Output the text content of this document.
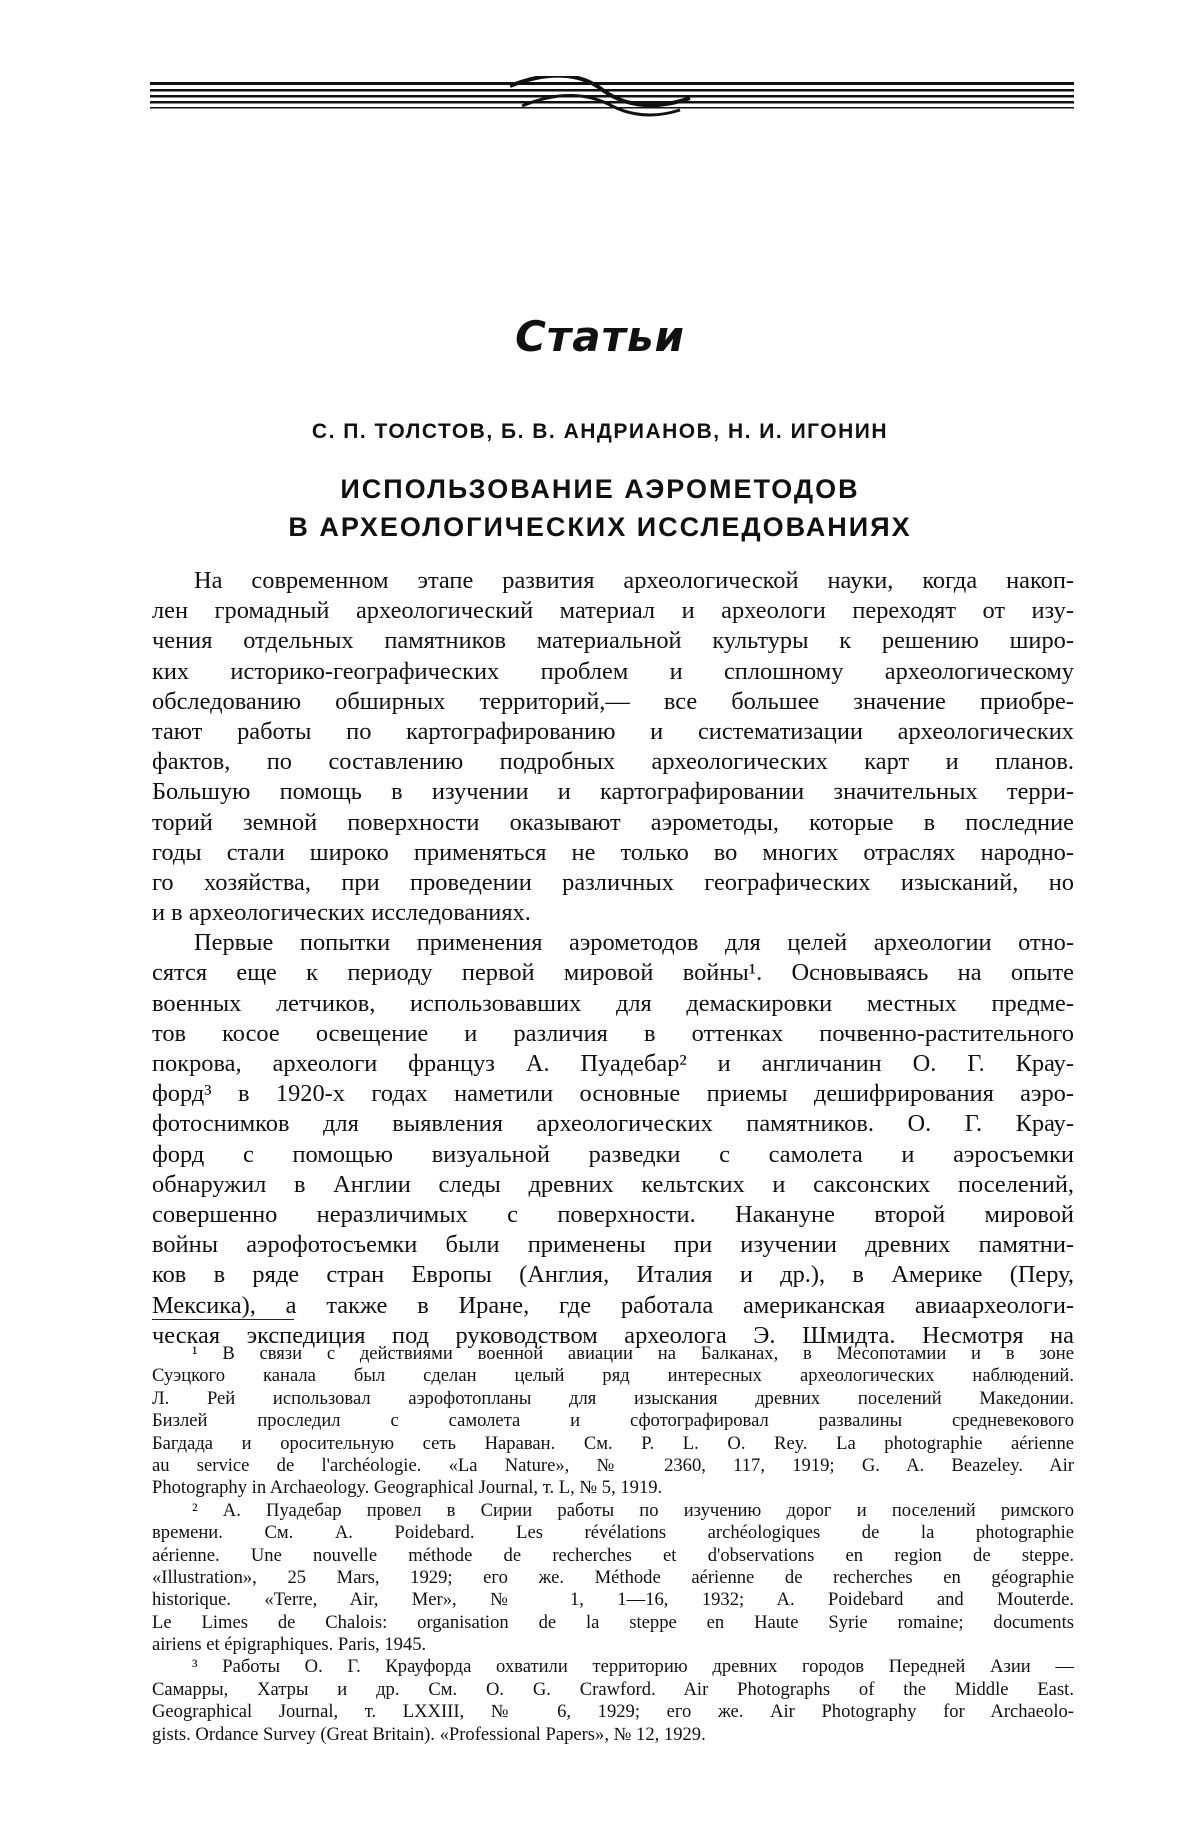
Статьи
С. П. ТОЛСТОВ, Б. В. АНДРИАНОВ, Н. И. ИГОНИН
ИСПОЛЬЗОВАНИЕ АЭРОМЕТОДОВ
В АРХЕОЛОГИЧЕСКИХ ИССЛЕДОВАНИЯХ
На современном этапе развития археологической науки, когда накоп-
лен громадный археологический материал и археологи переходят от изу-
чения отдельных памятников материальной культуры к решению широ-
ких историко-географических проблем и сплошному археологическому
обследованию обширных территорий,— все большее значение приобре-
тают работы по картографированию и систематизации археологических
фактов, по составлению подробных археологических карт и планов.
Большую помощь в изучении и картографировании значительных терри-
торий земной поверхности оказывают аэрометоды, которые в последние
годы стали широко применяться не только во многих отраслях народно-
го хозяйства, при проведении различных географических изысканий, но
и в археологических исследованиях.
Первые попытки применения аэрометодов для целей археологии отно-
сятся еще к периоду первой мировой войны¹. Основываясь на опыте
военных летчиков, использовавших для демаскировки местных предме-
тов косое освещение и различия в оттенках почвенно-растительного
покрова, археологи француз А. Пуадебар² и англичанин О. Г. Крау-
форд³ в 1920-х годах наметили основные приемы дешифрирования аэро-
фотоснимков для выявления археологических памятников. О. Г. Крау-
форд с помощью визуальной разведки с самолета и аэросъемки
обнаружил в Англии следы древних кельтских и саксонских поселений,
совершенно неразличимых с поверхности. Накануне второй мировой
войны аэрофотосъемки были применены при изучении древних памятни-
ков в ряде стран Европы (Англия, Италия и др.), в Америке (Перу,
Мексика), а также в Иране, где работала американская авиаархеологи-
ческая экспедиция под руководством археолога Э. Шмидта. Несмотря на
¹ В связи с действиями военной авиации на Балканах, в Месопотамии и в зоне
Суэцкого канала был сделан целый ряд интересных археологических наблюдений.
Л. Рей использовал аэрофотопланы для изыскания древних поселений Македонии.
Бизлей проследил с самолета и сфотографировал развалины средневекового
Багдада и оросительную сеть Нараван. См. P. L. O. Rey. La photographie aérienne
au service de l'archéologie. «La Nature», № 2360, 117, 1919; G. A. Beazeley. Air
Photography in Archaeology. Geographical Journal, т. L, № 5, 1919.
² А. Пуадебар провел в Сирии работы по изучению дорог и поселений римского
времени. См. A. Poidebard. Les révélations archéologiques de la photographie
aérienne. Une nouvelle méthode de recherches et d'observations en region de steppe.
«Illustration», 25 Mars, 1929; его же. Méthode aérienne de recherches en géographie
historique. «Terre, Air, Mer», № 1, 1—16, 1932; A. Poidebard and Mouterde.
Le Limes de Chalois: organisation de la steppe en Haute Syrie romaine; documents
airiens et épigraphiques. Paris, 1945.
³ Работы О. Г. Крауфорда охватили территорию древних городов Передней Азии —
Самарры, Хатры и др. См. O. G. Crawford. Air Photographs of the Middle East.
Geographical Journal, т. LXXIII, № 6, 1929; его же. Air Photography for Archaeolo-
gists. Ordance Survey (Great Britain). «Professional Papers», № 12, 1929.
